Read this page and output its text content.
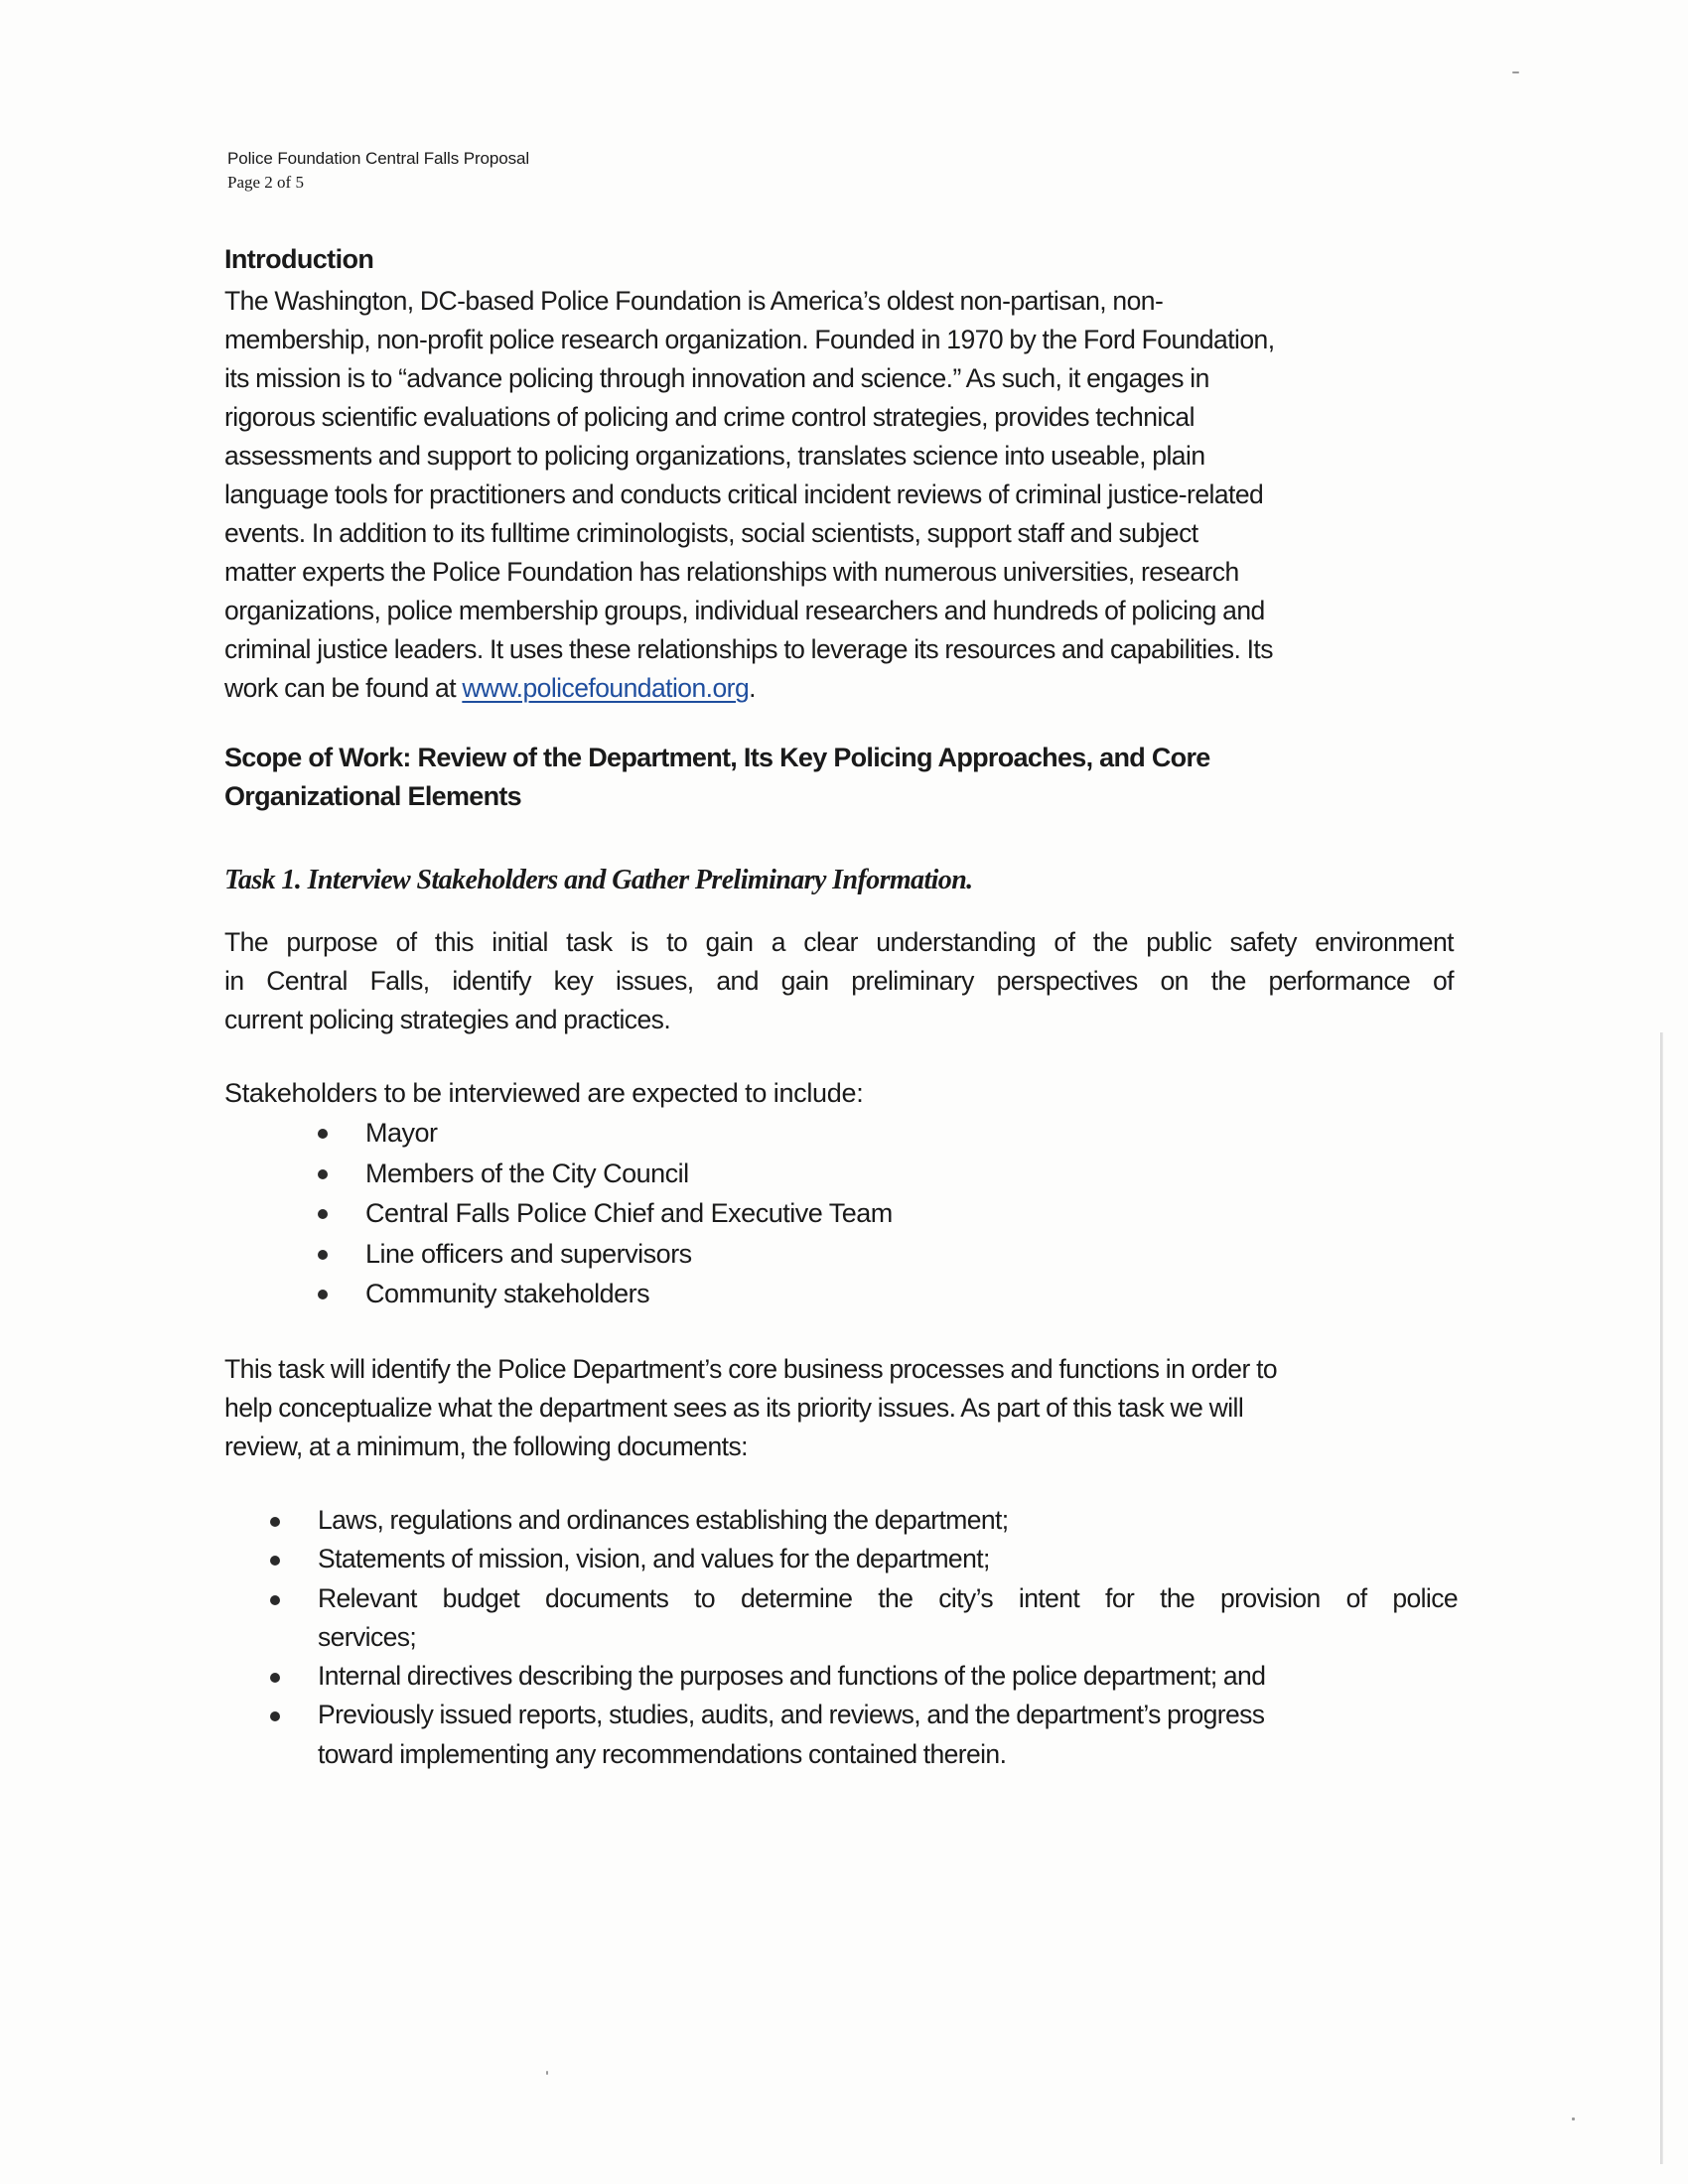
Police Foundation Central Falls Proposal
Page 2 of 5
Introduction
The Washington, DC-based Police Foundation is America’s oldest non-partisan, non-
membership, non-profit police research organization. Founded in 1970 by the Ford Foundation,
its mission is to “advance policing through innovation and science.” As such, it engages in
rigorous scientific evaluations of policing and crime control strategies, provides technical
assessments and support to policing organizations, translates science into useable, plain
language tools for practitioners and conducts critical incident reviews of criminal justice-related
events. In addition to its fulltime criminologists, social scientists, support staff and subject
matter experts the Police Foundation has relationships with numerous universities, research
organizations, police membership groups, individual researchers and hundreds of policing and
criminal justice leaders. It uses these relationships to leverage its resources and capabilities. Its
work can be found at www.policefoundation.org.
Scope of Work: Review of the Department, Its Key Policing Approaches, and Core
Organizational Elements
Task 1. Interview Stakeholders and Gather Preliminary Information.
The purpose of this initial task is to gain a clear understanding of the public safety environment
in Central Falls, identify key issues, and gain preliminary perspectives on the performance of
current policing strategies and practices.
Stakeholders to be interviewed are expected to include:
Mayor
Members of the City Council
Central Falls Police Chief and Executive Team
Line officers and supervisors
Community stakeholders
This task will identify the Police Department’s core business processes and functions in order to
help conceptualize what the department sees as its priority issues. As part of this task we will
review, at a minimum, the following documents:
Laws, regulations and ordinances establishing the department;
Statements of mission, vision, and values for the department;
Relevant budget documents to determine the city’s intent for the provision of police
services;
Internal directives describing the purposes and functions of the police department; and
Previously issued reports, studies, audits, and reviews, and the department’s progress
toward implementing any recommendations contained therein.
